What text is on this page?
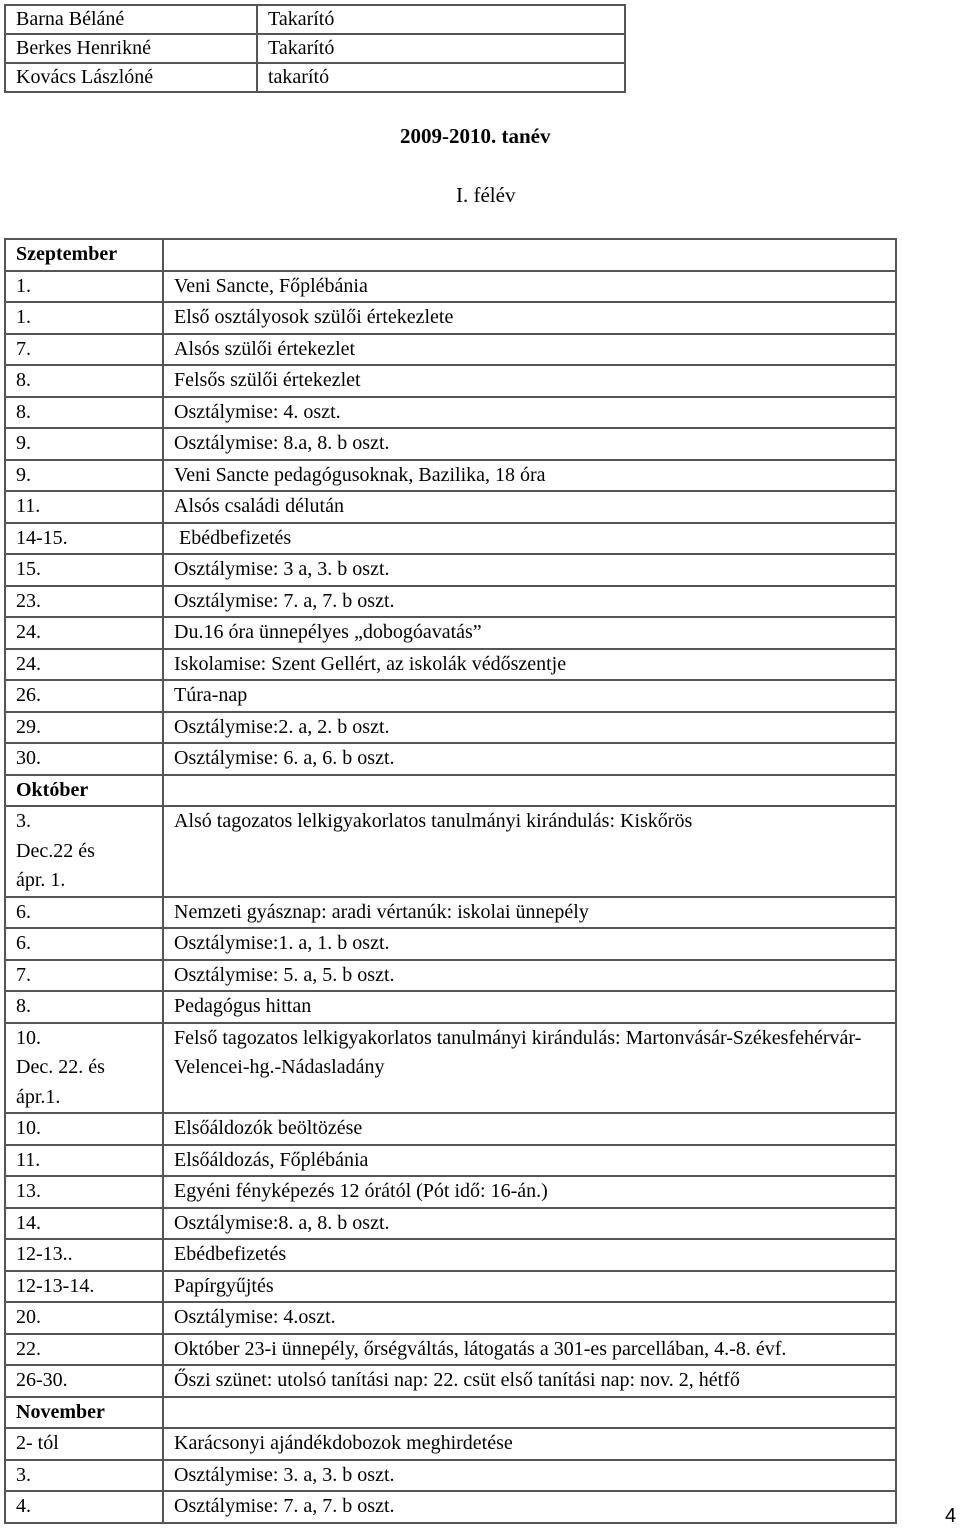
Barna Béláné	Takarító
Berkes Henrikné	Takarító
Kovács Lászlóné	takarító
2009-2010. tanév
I. félév
Szeptember	
1.	Veni Sancte, Főplébánia
1.	Első osztályosok szülői értekezlete
7.	Alsós szülői értekezlet
8.	Felsős szülői értekezlet
8.	Osztálymise: 4. oszt.
9.	Osztálymise: 8.a, 8. b oszt.
9.	Veni Sancte pedagógusoknak, Bazilika, 18 óra
11.	Alsós családi délután
14-15.	Ebédbefizetés
15.	Osztálymise: 3 a, 3. b oszt.
23.	Osztálymise: 7. a, 7. b oszt.
24.	Du.16 óra ünnepélyes „dobogóavatás”
24.	Iskolamise: Szent Gellért, az iskolák védőszentje
26.	Túra-nap
29.	Osztálymise:2. a, 2. b oszt.
30.	Osztálymise: 6. a, 6. b oszt.
Október	
3.
Dec.22 és
ápr. 1.	Alsó tagozatos lelkigyakorlatos tanulmányi kirándulás: Kiskőrös
6.	Nemzeti gyásznap: aradi vértanúk: iskolai ünnepély
6.	Osztálymise:1. a, 1. b oszt.
7.	Osztálymise: 5. a, 5. b oszt.
8.	Pedagógus hittan
10.
Dec. 22. és
ápr.1.	Felső tagozatos lelkigyakorlatos tanulmányi kirándulás: Martonvásár-Székesfehérvár-Velencei-hg.-Nádasladány
10.	Elsőáldozók beöltözése
11.	Elsőáldozás, Főplébánia
13.	Egyéni fényképezés 12 órától (Pót idő: 16-án.)
14.	Osztálymise:8. a, 8. b oszt.
12-13..	Ebédbefizetés
12-13-14.	Papírgyűjtés
20.	Osztálymise: 4.oszt.
22.	Október 23-i ünnepély, őrségváltás, látogatás a 301-es parcellában, 4.-8. évf.
26-30.	Őszi szünet: utolsó tanítási nap: 22. csüt első tanítási nap: nov. 2, hétfő
November	
2- tól	Karácsonyi ajándékdobozok meghirdetése
3.	Osztálymise: 3. a, 3. b oszt.
4.	Osztálymise: 7. a, 7. b oszt.	4
